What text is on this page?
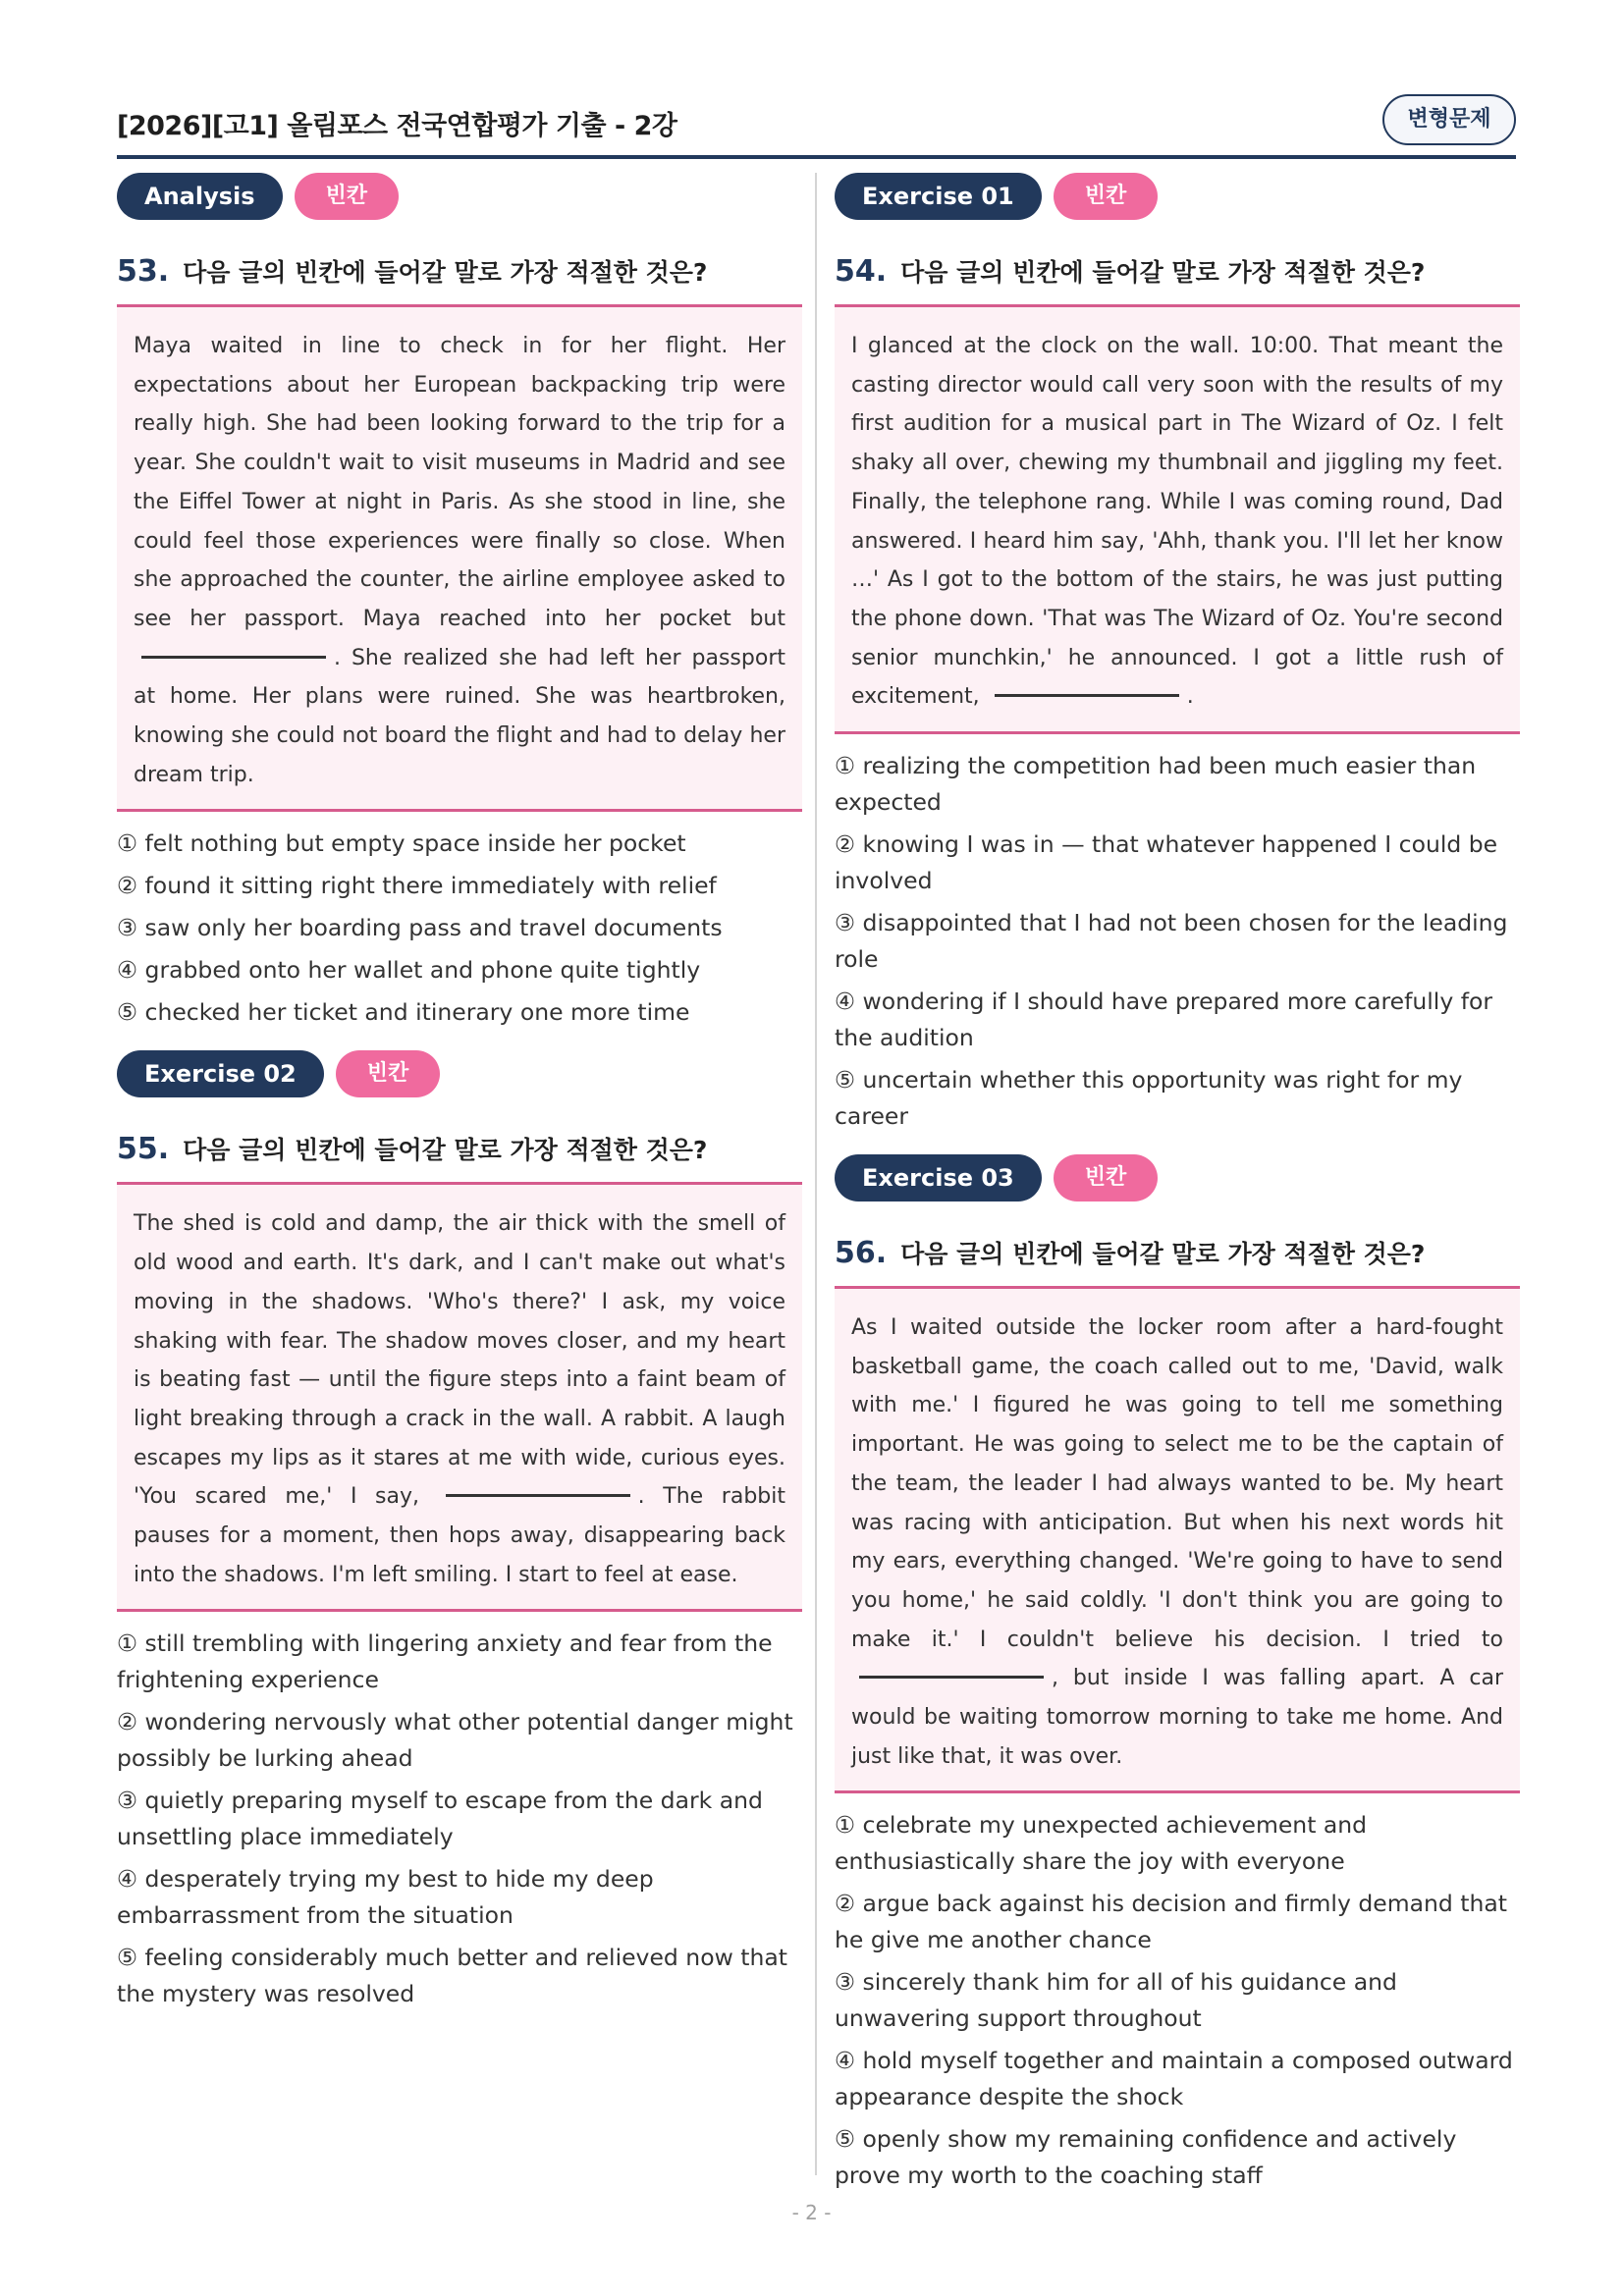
[2026][고1] 올림포스 전국연합평가 기출 - 2강	변형문제
Analysis	빈칸
53. 다음 글의 빈칸에 들어갈 말로 가장 적절한 것은?
Maya waited in line to check in for her flight. Her expectations about her European backpacking trip were really high. She had been looking forward to the trip for a year. She couldn't wait to visit museums in Madrid and see the Eiffel Tower at night in Paris. As she stood in line, she could feel those experiences were finally so close. When she approached the counter, the airline employee asked to see her passport. Maya reached into her pocket but . She realized she had left her passport at home. Her plans were ruined. She was heartbroken, knowing she could not board the flight and had to delay her dream trip.
① felt nothing but empty space inside her pocket
② found it sitting right there immediately with relief
③ saw only her boarding pass and travel documents
④ grabbed onto her wallet and phone quite tightly
⑤ checked her ticket and itinerary one more time
Exercise 02	빈칸
55. 다음 글의 빈칸에 들어갈 말로 가장 적절한 것은?
The shed is cold and damp, the air thick with the smell of old wood and earth. It's dark, and I can't make out what's moving in the shadows. 'Who's there?' I ask, my voice shaking with fear. The shadow moves closer, and my heart is beating fast — until the figure steps into a faint beam of light breaking through a crack in the wall. A rabbit. A laugh escapes my lips as it stares at me with wide, curious eyes. 'You scared me,' I say,	. The rabbit pauses for a moment, then hops away, disappearing back into the shadows. I'm left smiling. I start to feel at ease.
① still trembling with lingering anxiety and fear from the frightening experience
② wondering nervously what other potential danger might possibly be lurking ahead
③ quietly preparing myself to escape from the dark and unsettling place immediately
④ desperately trying my best to hide my deep embarrassment from the situation
⑤ feeling considerably much better and relieved now that the mystery was resolved
Exercise 01	빈칸
54. 다음 글의 빈칸에 들어갈 말로 가장 적절한 것은?
I glanced at the clock on the wall. 10:00. That meant the casting director would call very soon with the results of my first audition for a musical part in The Wizard of Oz. I felt shaky all over, chewing my thumbnail and jiggling my feet. Finally, the telephone rang. While I was coming round, Dad answered. I heard him say, 'Ahh, thank you. I'll let her know …' As I got to the bottom of the stairs, he was just putting the phone down. 'That was The Wizard of Oz. You're second senior munchkin,' he announced. I got a little rush of excitement,	.
① realizing the competition had been much easier than expected
② knowing I was in — that whatever happened I could be involved
③ disappointed that I had not been chosen for the leading role
④ wondering if I should have prepared more carefully for the audition
⑤ uncertain whether this opportunity was right for my career
Exercise 03	빈칸
56. 다음 글의 빈칸에 들어갈 말로 가장 적절한 것은?
As I waited outside the locker room after a hard-fought basketball game, the coach called out to me, 'David, walk with me.' I figured he was going to tell me something important. He was going to select me to be the captain of the team, the leader I had always wanted to be. My heart was racing with anticipation. But when his next words hit my ears, everything changed. 'We're going to have to send you home,' he said coldly. 'I don't think you are going to make it.' I couldn't believe his decision. I tried to , but inside I was falling apart. A car would be waiting tomorrow morning to take me home. And just like that, it was over.
① celebrate my unexpected achievement and enthusiastically share the joy with everyone
② argue back against his decision and firmly demand that he give me another chance
③ sincerely thank him for all of his guidance and unwavering support throughout
④ hold myself together and maintain a composed outward appearance despite the shock
⑤ openly show my remaining confidence and actively prove my worth to the coaching staff
- 2 -
